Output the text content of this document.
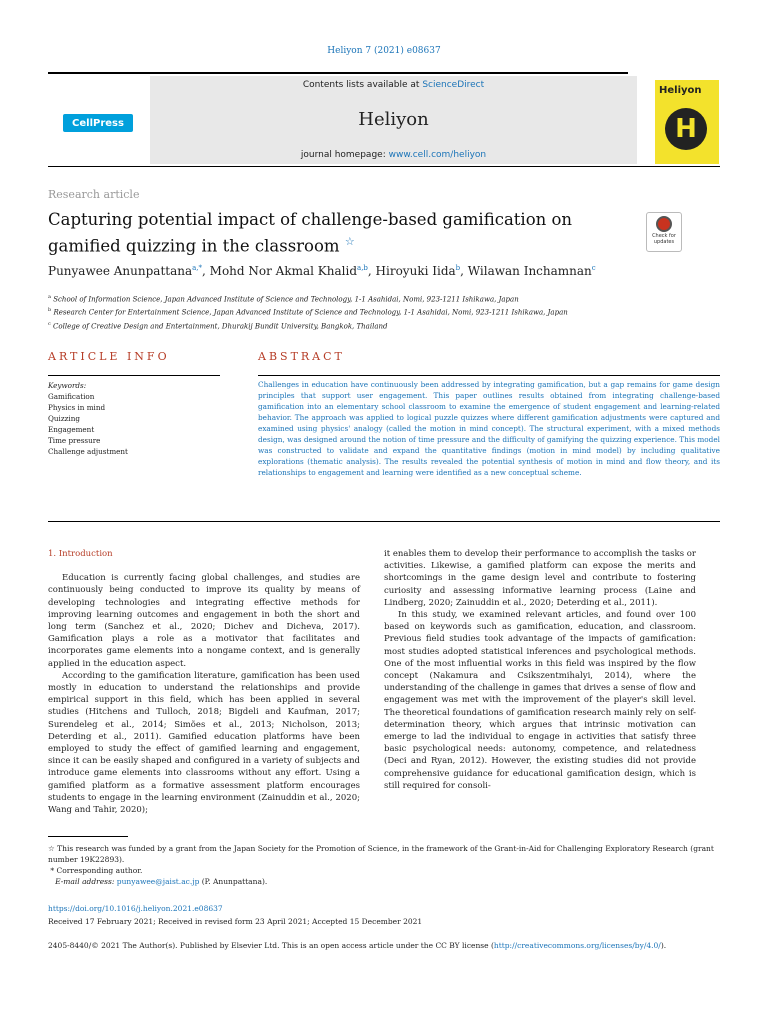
Heliyon 7 (2021) e08637
CellPress
Contents lists available at ScienceDirect
Heliyon
journal homepage: www.cell.com/heliyon
Heliyon
H
Research article
Capturing potential impact of challenge-based gamification on gamified quizzing in the classroom ☆	Check for updates
Punyawee Anunpattana$^{a,*}$, Mohd Nor Akmal Khalid$^{a,b}$, Hiroyuki Iida$^b$, Wilawan Inchamnan$^c$
$^a$ School of Information Science, Japan Advanced Institute of Science and Technology, 1-1 Asahidai, Nomi, 923-1211 Ishikawa, Japan
$^b$ Research Center for Entertainment Science, Japan Advanced Institute of Science and Technology, 1-1 Asahidai, Nomi, 923-1211 Ishikawa, Japan
$^c$ College of Creative Design and Entertainment, Dhurakij Bundit University, Bangkok, Thailand
ARTICLE INFO	ABSTRACT
Keywords:
Gamification
Physics in mind
Quizzing
Engagement
Time pressure
Challenge adjustment
Challenges in education have continuously been addressed by integrating gamification, but a gap remains for game design principles that support user engagement. This paper outlines results obtained from integrating challenge-based gamification into an elementary school classroom to examine the emergence of student engagement and learning-related behavior. The approach was applied to logical puzzle quizzes where different gamification adjustments were captured and examined using physics' analogy (called the motion in mind concept). The structural experiment, with a mixed methods design, was designed around the notion of time pressure and the difficulty of gamifying the quizzing experience. This model was constructed to validate and expand the quantitative findings (motion in mind model) by including qualitative explorations (thematic analysis). The results revealed the potential synthesis of motion in mind and flow theory, and its relationships to engagement and learning were identified as a new conceptual scheme.

1. Introduction

Education is currently facing global challenges, and studies are continuously being conducted to improve its quality by means of developing technologies and integrating effective methods for improving learning outcomes and engagement in both the short and long term (Sanchez et al., 2020; Dichev and Dicheva, 2017). Gamification plays a role as a motivator that facilitates and incorporates game elements into a nongame context, and is generally applied in the education aspect.

According to the gamification literature, gamification has been used mostly in education to understand the relationships and provide empirical support in this field, which has been applied in several studies (Hitchens and Tulloch, 2018; Bigdeli and Kaufman, 2017; Surendeleg et al., 2014; Simões et al., 2013; Nicholson, 2013; Deterding et al., 2011). Gamified education platforms have been employed to study the effect of gamified learning and engagement, since it can be easily shaped and configured in a variety of subjects and introduce game elements into classrooms without any effort. Using a gamified platform as a formative assessment platform encourages students to engage in the learning environment (Zainuddin et al., 2020; Wang and Tahir, 2020);

it enables them to develop their performance to accomplish the tasks or activities. Likewise, a gamified platform can expose the merits and shortcomings in the game design level and contribute to fostering curiosity and assessing informative learning process (Laine and Lindberg, 2020; Zainuddin et al., 2020; Deterding et al., 2011).

In this study, we examined relevant articles, and found over 100 based on keywords such as gamification, education, and classroom. Previous field studies took advantage of the impacts of gamification: most studies adopted statistical inferences and psychological methods. One of the most influential works in this field was inspired by the flow concept (Nakamura and Csikszentmihalyi, 2014), where the understanding of the challenge in games that drives a sense of flow and engagement was met with the improvement of the player's skill level. The theoretical foundations of gamification research mainly rely on self-determination theory, which argues that intrinsic motivation can emerge to lad the individual to engage in activities that satisfy three basic psychological needs: autonomy, competence, and relatedness (Deci and Ryan, 2012). However, the existing studies did not provide comprehensive guidance for educational gamification design, which is still required for consoli-

☆ This research was funded by a grant from the Japan Society for the Promotion of Science, in the framework of the Grant-in-Aid for Challenging Exploratory Research (grant number 19K22893).

* Corresponding author.

E-mail address: punyawee@jaist.ac.jp (P. Anunpattana).

https://doi.org/10.1016/j.heliyon.2021.e08637
Received 17 February 2021; Received in revised form 23 April 2021; Accepted 15 December 2021
2405-8440/© 2021 The Author(s). Published by Elsevier Ltd. This is an open access article under the CC BY license (http://creativecommons.org/licenses/by/4.0/).
